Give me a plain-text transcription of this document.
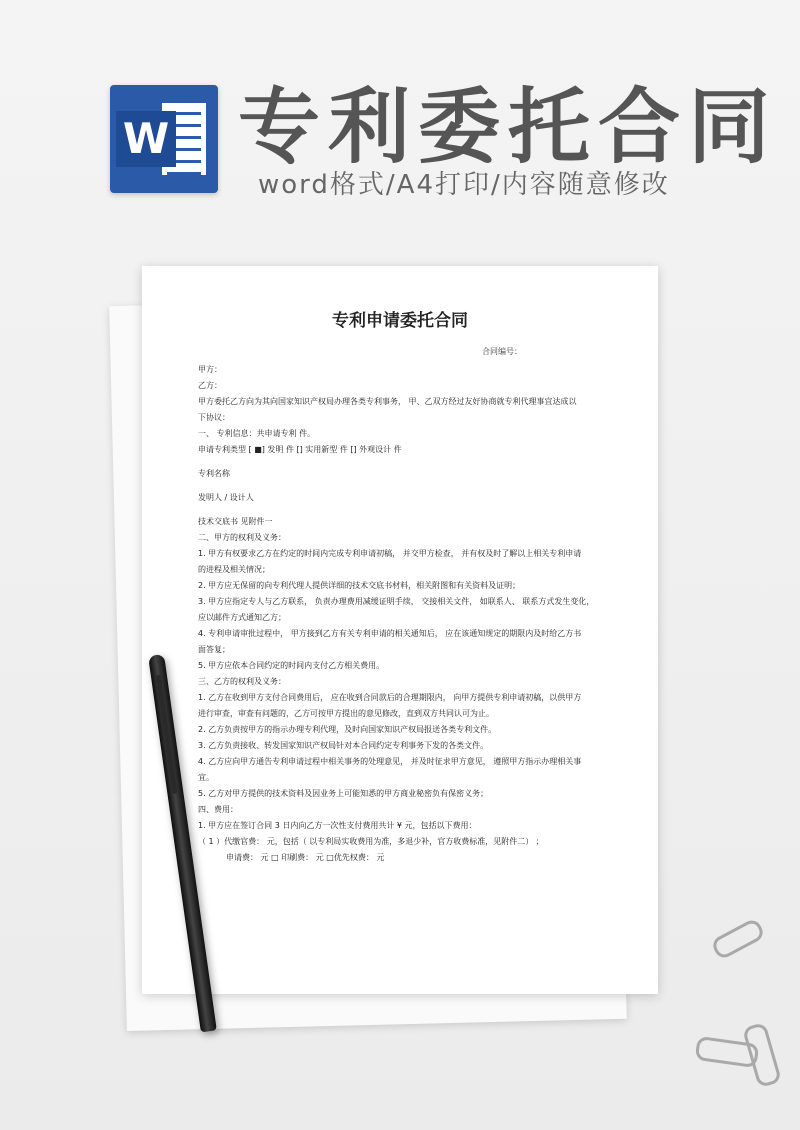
W 专利委托合同
word格式/A4打印/内容随意修改
专利申请委托合同
合同编号：
甲方：
乙方：
甲方委托乙方向为其向国家知识产权局办理各类专利事务， 甲、乙双方经过友好协商就专利代理事宜达成以
下协议：
一、 专利信息：共申请专利 件。
申请专利类型 [ ■] 发明 件 [] 实用新型 件 [] 外观设计 件
专利名称
发明人 / 设计人
技术交底书 见附件一
二、甲方的权利及义务：
1. 甲方有权要求乙方在约定的时间内完成专利申请初稿， 并交甲方检查， 并有权及时了解以上相关专利申请
的进程及相关情况；
2. 甲方应无保留的向专利代理人提供详细的技术交底书材料，相关附图和有关资料及证明；
3. 甲方应指定专人与乙方联系， 负责办理费用减缓证明手续， 交接相关文件， 如联系人、 联系方式发生变化，
应以邮件方式通知乙方；
4. 专利申请审批过程中， 甲方接到乙方有关专利申请的相关通知后， 应在该通知规定的期限内及时给乙方书
面答复；
5. 甲方应依本合同约定的时间内支付乙方相关费用。
三、乙方的权利及义务：
1. 乙方在收到甲方支付合同费用后， 应在收到合同款后的合理期限内， 向甲方提供专利申请初稿，以供甲方
进行审查，审查有问题的，乙方可按甲方提出的意见修改，直到双方共同认可为止。
2. 乙方负责按甲方的指示办理专利代理，及时向国家知识产权局报送各类专利文件。
3. 乙方负责接收、转发国家知识产权局针对本合同约定专利事务下发的各类文件。
4. 乙方应向甲方通告专利申请过程中相关事务的处理意见， 并及时征求甲方意见， 遵照甲方指示办理相关事
宜。
5. 乙方对甲方提供的技术资料及因业务上可能知悉的甲方商业秘密负有保密义务；
四、费用：
1. 甲方应在签订合同 3 日内向乙方一次性支付费用共计 ¥ 元，包括以下费用：
（ 1 ）代缴官费： 元，包括（ 以专利局实收费用为准，多退少补，官方收费标准，见附件二） ；
申请费： 元 □ 印刷费： 元 □优先权费： 元
